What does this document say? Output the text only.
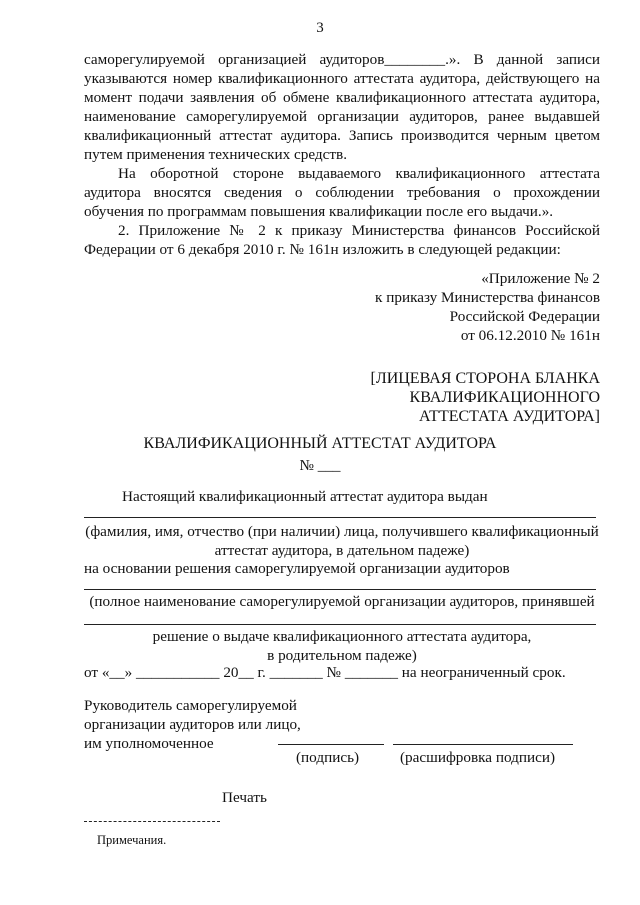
3
саморегулируемой организацией аудиторов________.». В данной записи указываются номер квалификационного аттестата аудитора, действующего на момент подачи заявления об обмене квалификационного аттестата аудитора, наименование саморегулируемой организации аудиторов, ранее выдавшей квалификационный аттестат аудитора. Запись производится черным цветом путем применения технических средств.
На оборотной стороне выдаваемого квалификационного аттестата аудитора вносятся сведения о соблюдении требования о прохождении обучения по программам повышения квалификации после его выдачи.».
2. Приложение № 2 к приказу Министерства финансов Российской Федерации от 6 декабря 2010 г. № 161н изложить в следующей редакции:
«Приложение № 2
к приказу Министерства финансов
Российской Федерации
от 06.12.2010 № 161н
[ЛИЦЕВАЯ СТОРОНА БЛАНКА
КВАЛИФИКАЦИОННОГО
АТТЕСТАТА АУДИТОРА]
КВАЛИФИКАЦИОННЫЙ АТТЕСТАТ АУДИТОРА
№ ___
Настоящий квалификационный аттестат аудитора выдан
(фамилия, имя, отчество (при наличии) лица, получившего квалификационный
аттестат аудитора, в дательном падеже)
на основании решения саморегулируемой организации аудиторов
(полное наименование саморегулируемой организации аудиторов, принявшей
решение о выдаче квалификационного аттестата аудитора,
в родительном падеже)
от «__» ___________ 20__ г. _______ № _______ на неограниченный срок.
Руководитель саморегулируемой
организации аудиторов или лицо,
им уполномоченное
(подпись)	(расшифровка подписи)
Печать
Примечания.
